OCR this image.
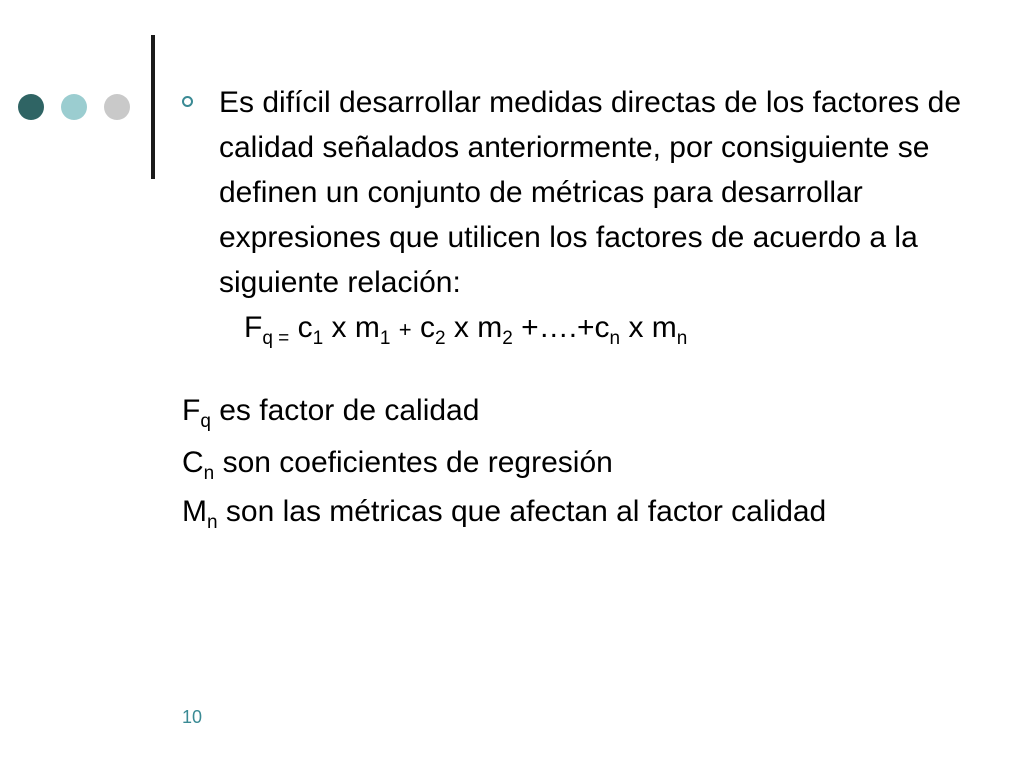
Es difícil desarrollar medidas directas de los factores de calidad señalados anteriormente, por consiguiente se definen un conjunto de métricas para desarrollar expresiones que utilicen los factores de acuerdo a la siguiente relación:
$F_{q =}$ $c_1$ x $m_1 + c_2$ x $m_2$ $+\dots.+c_n$ x $m_n$
$F_q$ es factor de calidad
$C_n$ son coeficientes de regresión
$M_n$ son las métricas que afectan al factor calidad
10
